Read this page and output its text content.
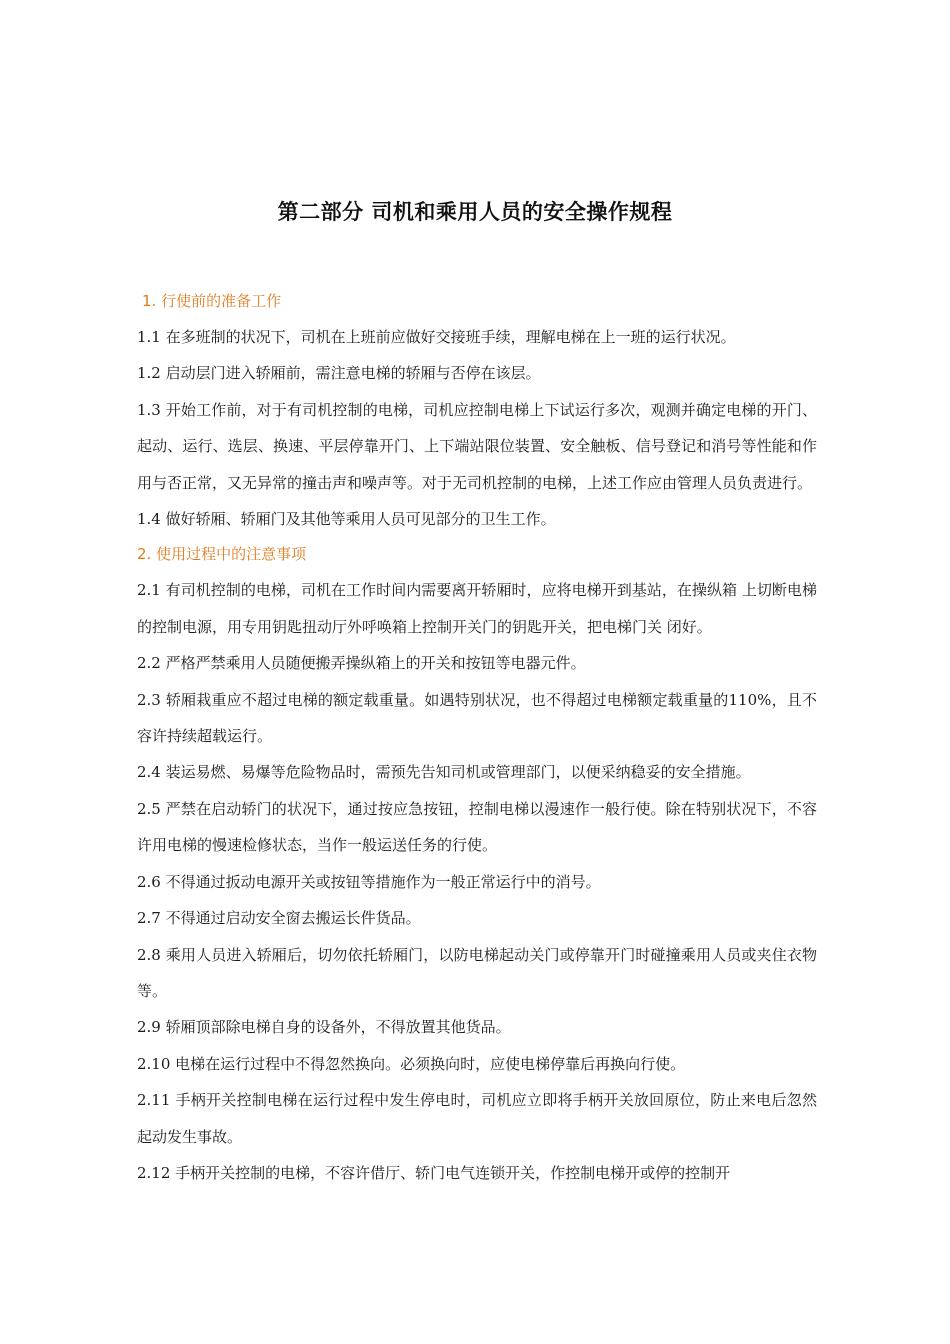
第二部分 司机和乘用人员的安全操作规程
1. 行使前的准备工作

1.1 在多班制的状况下，司机在上班前应做好交接班手续，理解电梯在上一班的运行状况。

1.2 启动层门进入轿厢前，需注意电梯的轿厢与否停在该层。

1.3 开始工作前，对于有司机控制的电梯，司机应控制电梯上下试运行多次，观测并确定电梯的开门、起动、运行、选层、换速、平层停靠开门、上下端站限位装置、安全触板、信号登记和消号等性能和作用与否正常，又无异常的撞击声和噪声等。对于无司机控制的电梯，上述工作应由管理人员负责进行。

1.4 做好轿厢、轿厢门及其他等乘用人员可见部分的卫生工作。

2. 使用过程中的注意事项

2.1 有司机控制的电梯，司机在工作时间内需要离开轿厢时，应将电梯开到基站，在操纵箱 上切断电梯的控制电源，用专用钥匙扭动厅外呼唤箱上控制开关门的钥匙开关，把电梯门关 闭好。

2.2 严格严禁乘用人员随便搬弄操纵箱上的开关和按钮等电器元件。

2.3 轿厢栽重应不超过电梯的额定载重量。如遇特别状况，也不得超过电梯额定载重量的110%，且不容许持续超载运行。

2.4 装运易燃、易爆等危险物品时，需预先告知司机或管理部门，以便采纳稳妥的安全措施。

2.5 严禁在启动轿门的状况下，通过按应急按钮，控制电梯以漫速作一般行使。除在特别状况下，不容许用电梯的慢速检修状态，当作一般运送任务的行使。

2.6 不得通过扳动电源开关或按钮等措施作为一般正常运行中的消号。

2.7 不得通过启动安全窗去搬运长件货品。

2.8 乘用人员进入轿厢后，切勿依托轿厢门，以防电梯起动关门或停靠开门时碰撞乘用人员或夹住衣物等。

2.9 轿厢顶部除电梯自身的设备外，不得放置其他货品。

2.10 电梯在运行过程中不得忽然换向。必须换向时，应使电梯停靠后再换向行使。

2.11 手柄开关控制电梯在运行过程中发生停电时，司机应立即将手柄开关放回原位，防止来电后忽然起动发生事故。

2.12 手柄开关控制的电梯，不容许借厅、轿门电气连锁开关，作控制电梯开或停的控制开
